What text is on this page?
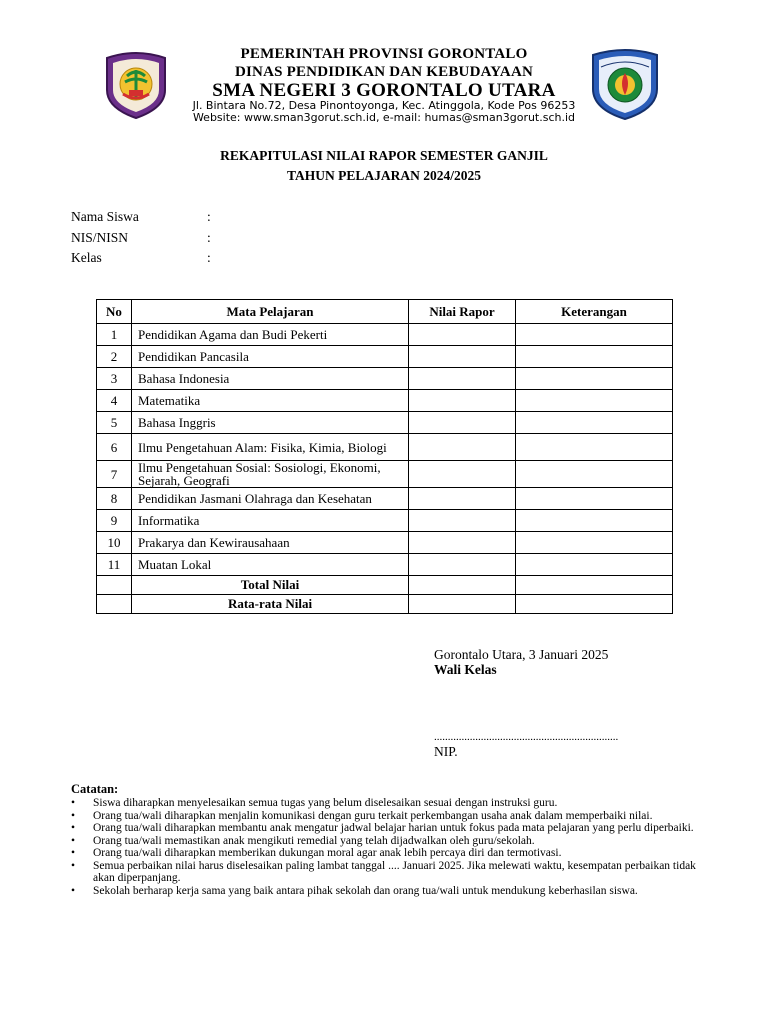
PEMERINTAH PROVINSI GORONTALO
DINAS PENDIDIKAN DAN KEBUDAYAAN
SMA NEGERI 3 GORONTALO UTARA
Jl. Bintara No.72, Desa Pinontoyonga, Kec. Atinggola, Kode Pos 96253
Website: www.sman3gorut.sch.id, e-mail: humas@sman3gorut.sch.id
REKAPITULASI NILAI RAPOR SEMESTER GANJIL
TAHUN PELAJARAN 2024/2025
Nama Siswa	:
NIS/NISN	:
Kelas	:
No	Mata Pelajaran	Nilai Rapor	Keterangan
1	Pendidikan Agama dan Budi Pekerti		
2	Pendidikan Pancasila		
3	Bahasa Indonesia		
4	Matematika		
5	Bahasa Inggris		
6	Ilmu Pengetahuan Alam: Fisika, Kimia, Biologi		
7	Ilmu Pengetahuan Sosial: Sosiologi, Ekonomi, Sejarah, Geografi		
8	Pendidikan Jasmani Olahraga dan Kesehatan		
9	Informatika		
10	Prakarya dan Kewirausahaan		
11	Muatan Lokal		
	Total Nilai		
	Rata-rata Nilai		
Gorontalo Utara, 3 Januari 2025
Wali Kelas
...................................................................
NIP.
Catatan:
• Siswa diharapkan menyelesaikan semua tugas yang belum diselesaikan sesuai dengan instruksi guru.
• Orang tua/wali diharapkan menjalin komunikasi dengan guru terkait perkembangan usaha anak dalam memperbaiki nilai.
• Orang tua/wali diharapkan membantu anak mengatur jadwal belajar harian untuk fokus pada mata pelajaran yang perlu diperbaiki.
• Orang tua/wali memastikan anak mengikuti remedial yang telah dijadwalkan oleh guru/sekolah.
• Orang tua/wali diharapkan memberikan dukungan moral agar anak lebih percaya diri dan termotivasi.
• Semua perbaikan nilai harus diselesaikan paling lambat tanggal .... Januari 2025. Jika melewati waktu, kesempatan perbaikan tidak akan diperpanjang.
• Sekolah berharap kerja sama yang baik antara pihak sekolah dan orang tua/wali untuk mendukung keberhasilan siswa.
